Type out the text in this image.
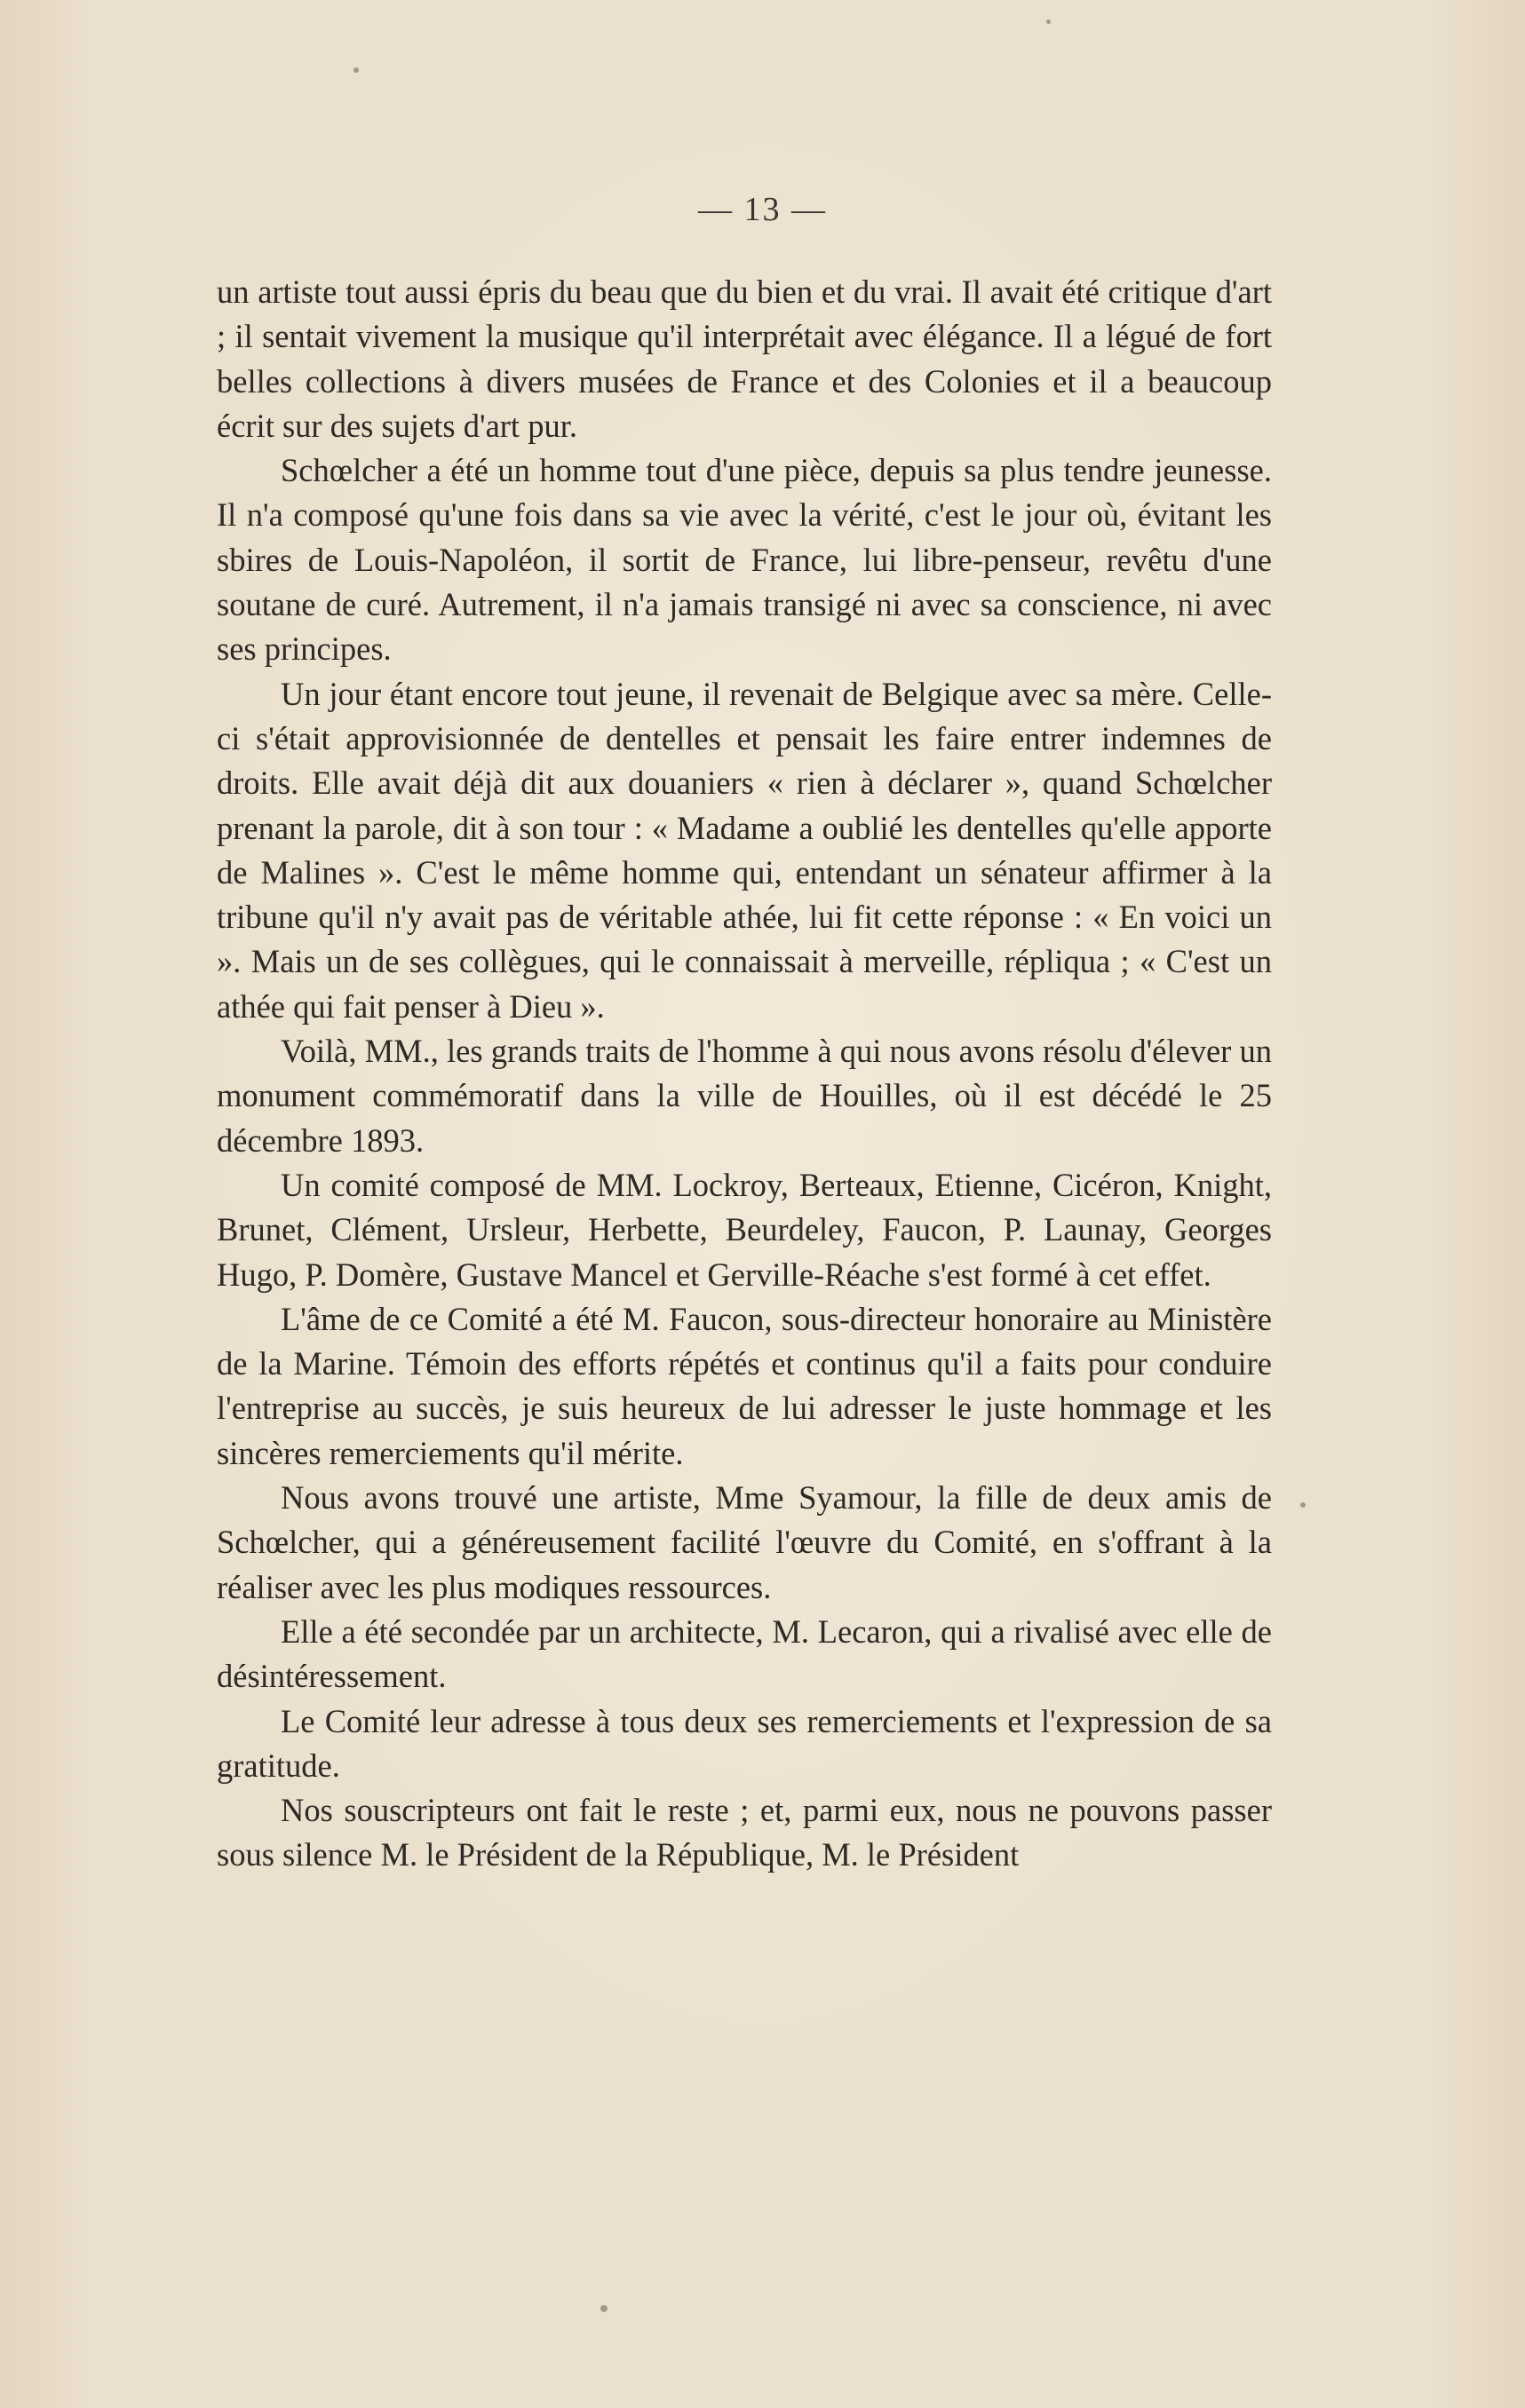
— 13 —

un artiste tout aussi épris du beau que du bien et du vrai. Il avait été critique d'art ; il sentait vivement la musique qu'il interprétait avec élégance. Il a légué de fort belles collections à divers musées de France et des Colonies et il a beaucoup écrit sur des sujets d'art pur.

Schœlcher a été un homme tout d'une pièce, depuis sa plus tendre jeunesse. Il n'a composé qu'une fois dans sa vie avec la vérité, c'est le jour où, évitant les sbires de Louis-Napoléon, il sortit de France, lui libre-penseur, revêtu d'une soutane de curé. Autrement, il n'a jamais transigé ni avec sa conscience, ni avec ses principes.

Un jour étant encore tout jeune, il revenait de Belgique avec sa mère. Celle-ci s'était approvisionnée de dentelles et pensait les faire entrer indemnes de droits. Elle avait déjà dit aux douaniers « rien à déclarer », quand Schœlcher prenant la parole, dit à son tour : « Madame a oublié les dentelles qu'elle apporte de Malines ». C'est le même homme qui, entendant un sénateur affirmer à la tribune qu'il n'y avait pas de véritable athée, lui fit cette réponse : « En voici un ». Mais un de ses collègues, qui le connaissait à merveille, répliqua ; « C'est un athée qui fait penser à Dieu ».

Voilà, MM., les grands traits de l'homme à qui nous avons résolu d'élever un monument commémoratif dans la ville de Houilles, où il est décédé le 25 décembre 1893.

Un comité composé de MM. Lockroy, Berteaux, Etienne, Cicéron, Knight, Brunet, Clément, Ursleur, Herbette, Beurdeley, Faucon, P. Launay, Georges Hugo, P. Domère, Gustave Mancel et Gerville-Réache s'est formé à cet effet.

L'âme de ce Comité a été M. Faucon, sous-directeur honoraire au Ministère de la Marine. Témoin des efforts répétés et continus qu'il a faits pour conduire l'entreprise au succès, je suis heureux de lui adresser le juste hommage et les sincères remerciements qu'il mérite.

Nous avons trouvé une artiste, Mme Syamour, la fille de deux amis de Schœlcher, qui a généreusement facilité l'œuvre du Comité, en s'offrant à la réaliser avec les plus modiques ressources.

Elle a été secondée par un architecte, M. Lecaron, qui a rivalisé avec elle de désintéressement.

Le Comité leur adresse à tous deux ses remerciements et l'expression de sa gratitude.

Nos souscripteurs ont fait le reste ; et, parmi eux, nous ne pouvons passer sous silence M. le Président de la République, M. le Président
